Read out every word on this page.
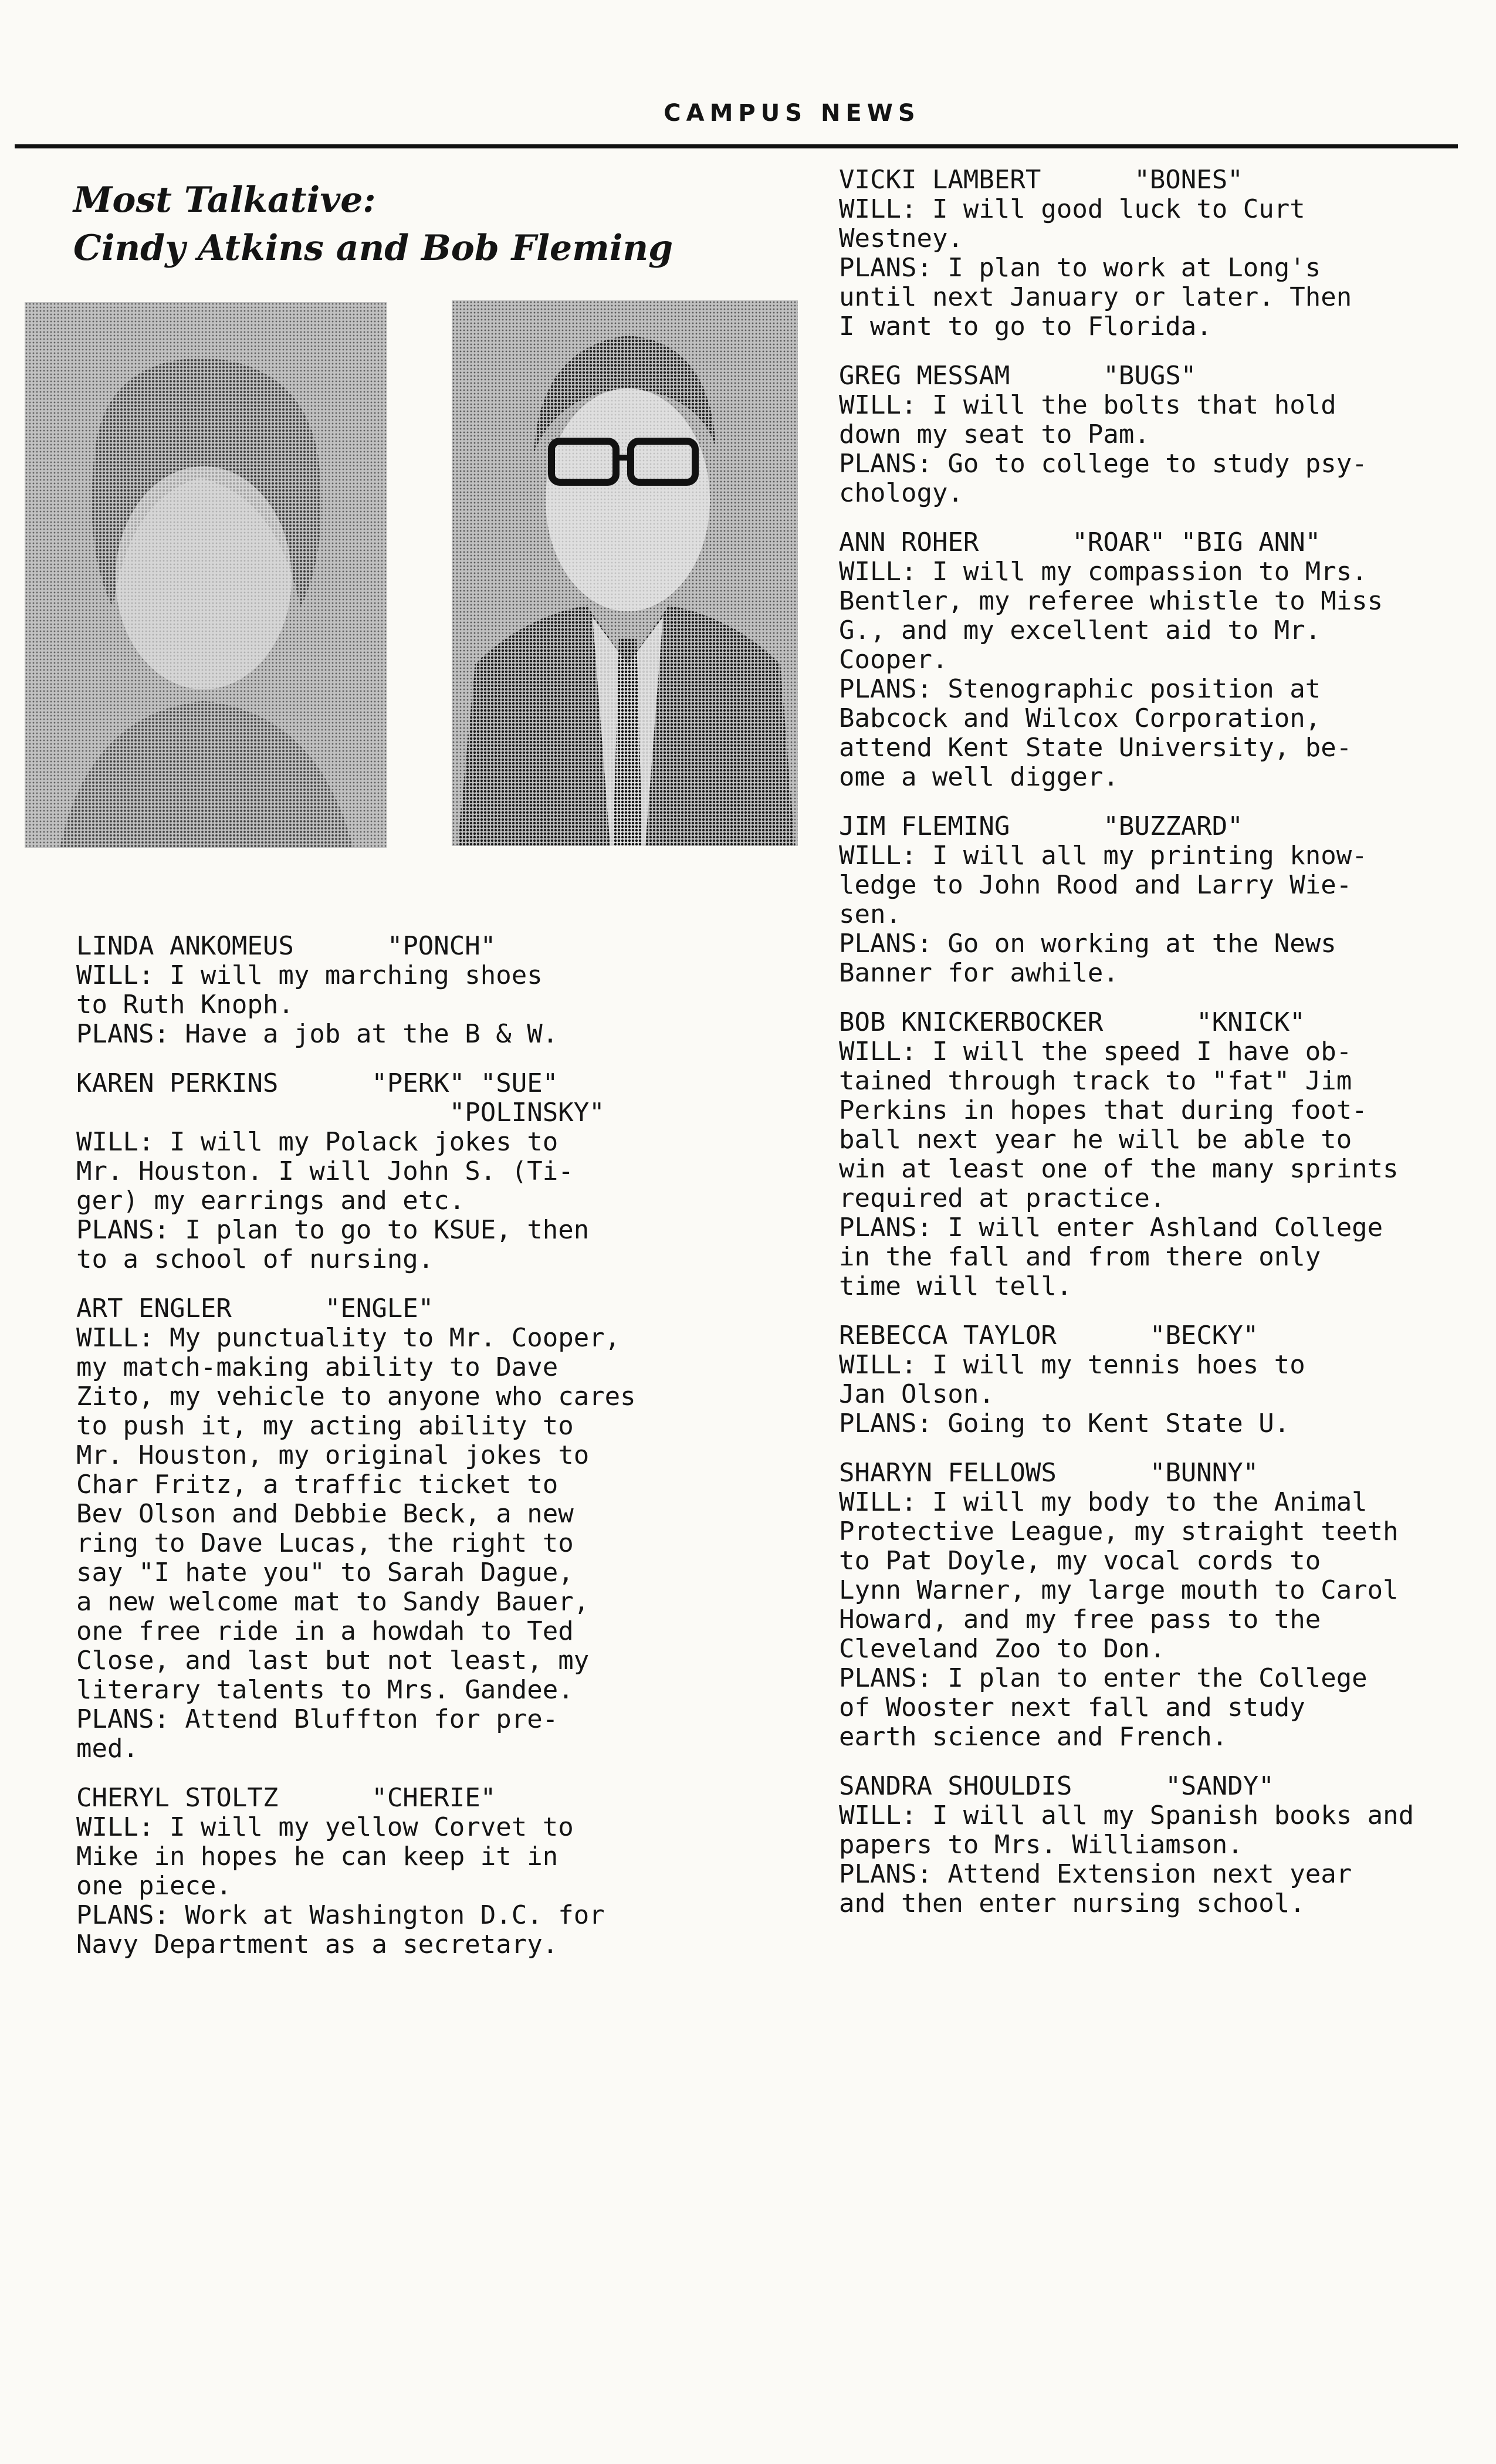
CAMPUS NEWS
Most Talkative:
Cindy Atkins and Bob Fleming
LINDA ANKOMEUS	"PONCH"
WILL: I will my marching shoes
to Ruth Knoph.
PLANS: Have a job at the B & W.
KAREN PERKINS	"PERK" "SUE"
"POLINSKY"
WILL: I will my Polack jokes to
Mr. Houston. I will John S. (Ti-
ger) my earrings and etc.
PLANS: I plan to go to KSUE, then
to a school of nursing.
ART ENGLER	"ENGLE"
WILL: My punctuality to Mr. Cooper,
my match-making ability to Dave
Zito, my vehicle to anyone who cares
to push it, my acting ability to
Mr. Houston, my original jokes to
Char Fritz, a traffic ticket to
Bev Olson and Debbie Beck, a new
ring to Dave Lucas, the right to
say "I hate you" to Sarah Dague,
a new welcome mat to Sandy Bauer,
one free ride in a howdah to Ted
Close, and last but not least, my
literary talents to Mrs. Gandee.
PLANS: Attend Bluffton for pre-
med.
CHERYL STOLTZ	"CHERIE"
WILL: I will my yellow Corvet to
Mike in hopes he can keep it in
one piece.
PLANS: Work at Washington D.C. for
Navy Department as a secretary.
VICKI LAMBERT	"BONES"
WILL: I will good luck to Curt
Westney.
PLANS: I plan to work at Long's
until next January or later. Then
I want to go to Florida.
GREG MESSAM	"BUGS"
WILL: I will the bolts that hold
down my seat to Pam.
PLANS: Go to college to study psy-
chology.
ANN ROHER	"ROAR" "BIG ANN"
WILL: I will my compassion to Mrs.
Bentler, my referee whistle to Miss
G., and my excellent aid to Mr.
Cooper.
PLANS: Stenographic position at
Babcock and Wilcox Corporation,
attend Kent State University, be-
ome a well digger.
JIM FLEMING	"BUZZARD"
WILL: I will all my printing know-
ledge to John Rood and Larry Wie-
sen.
PLANS: Go on working at the News
Banner for awhile.
BOB KNICKERBOCKER	"KNICK"
WILL: I will the speed I have ob-
tained through track to "fat" Jim
Perkins in hopes that during foot-
ball next year he will be able to
win at least one of the many sprints
required at practice.
PLANS: I will enter Ashland College
in the fall and from there only
time will tell.
REBECCA TAYLOR	"BECKY"
WILL: I will my tennis hoes to
Jan Olson.
PLANS: Going to Kent State U.
SHARYN FELLOWS	"BUNNY"
WILL: I will my body to the Animal
Protective League, my straight teeth
to Pat Doyle, my vocal cords to
Lynn Warner, my large mouth to Carol
Howard, and my free pass to the
Cleveland Zoo to Don.
PLANS: I plan to enter the College
of Wooster next fall and study
earth science and French.
SANDRA SHOULDIS	"SANDY"
WILL: I will all my Spanish books and
papers to Mrs. Williamson.
PLANS: Attend Extension next year
and then enter nursing school.
